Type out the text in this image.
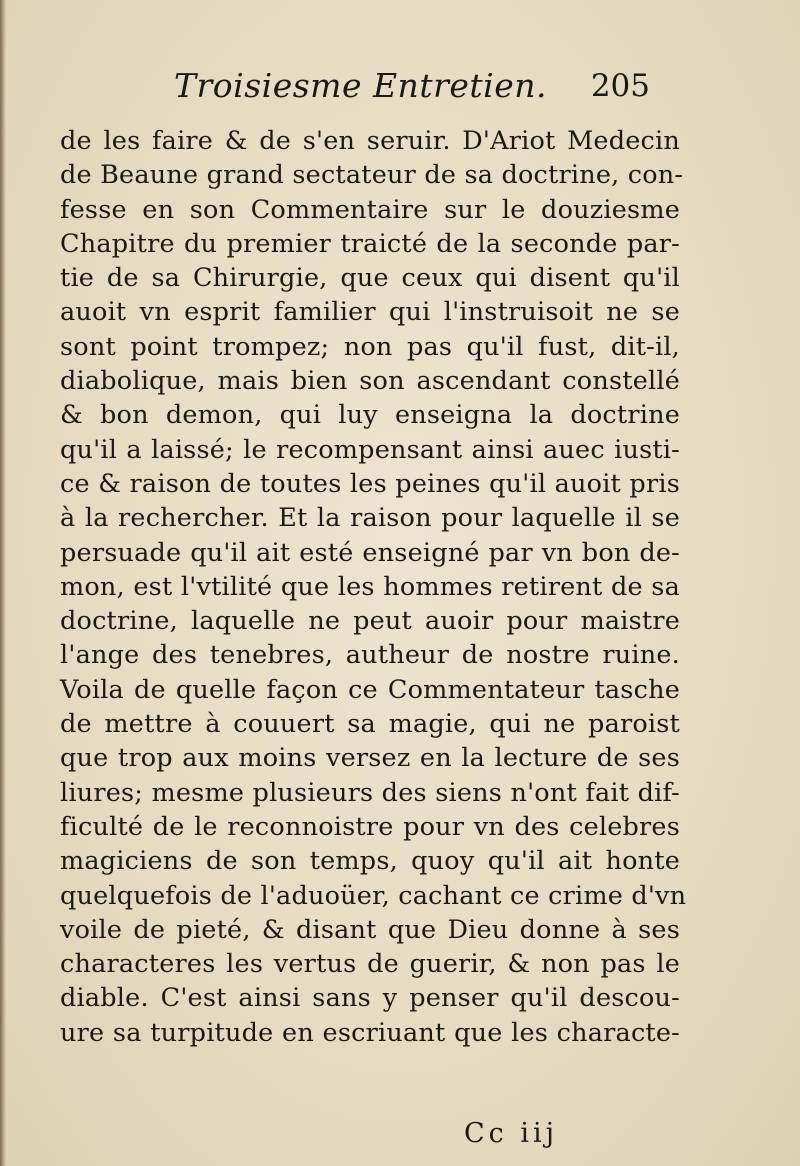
Troisiesme Entretien. 205
de les faire & de s'en seruir. D'Ariot Medecin
de Beaune grand sectateur de sa doctrine, con-
fesse en son Commentaire sur le douziesme
Chapitre du premier traicté de la seconde par-
tie de sa Chirurgie, que ceux qui disent qu'il
auoit vn esprit familier qui l'instruisoit ne se
sont point trompez; non pas qu'il fust, dit-il,
diabolique, mais bien son ascendant constellé
& bon demon, qui luy enseigna la doctrine
qu'il a laissé; le recompensant ainsi auec iusti-
ce & raison de toutes les peines qu'il auoit pris
à la rechercher. Et la raison pour laquelle il se
persuade qu'il ait esté enseigné par vn bon de-
mon, est l'vtilité que les hommes retirent de sa
doctrine, laquelle ne peut auoir pour maistre
l'ange des tenebres, autheur de nostre ruine.
Voila de quelle façon ce Commentateur tasche
de mettre à couuert sa magie, qui ne paroist
que trop aux moins versez en la lecture de ses
liures; mesme plusieurs des siens n'ont fait dif-
ficulté de le reconnoistre pour vn des celebres
magiciens de son temps, quoy qu'il ait honte
quelquefois de l'aduoüer, cachant ce crime d'vn
voile de pieté, & disant que Dieu donne à ses
characteres les vertus de guerir, & non pas le
diable. C'est ainsi sans y penser qu'il descou-
ure sa turpitude en escriuant que les characte-
Cc iij
